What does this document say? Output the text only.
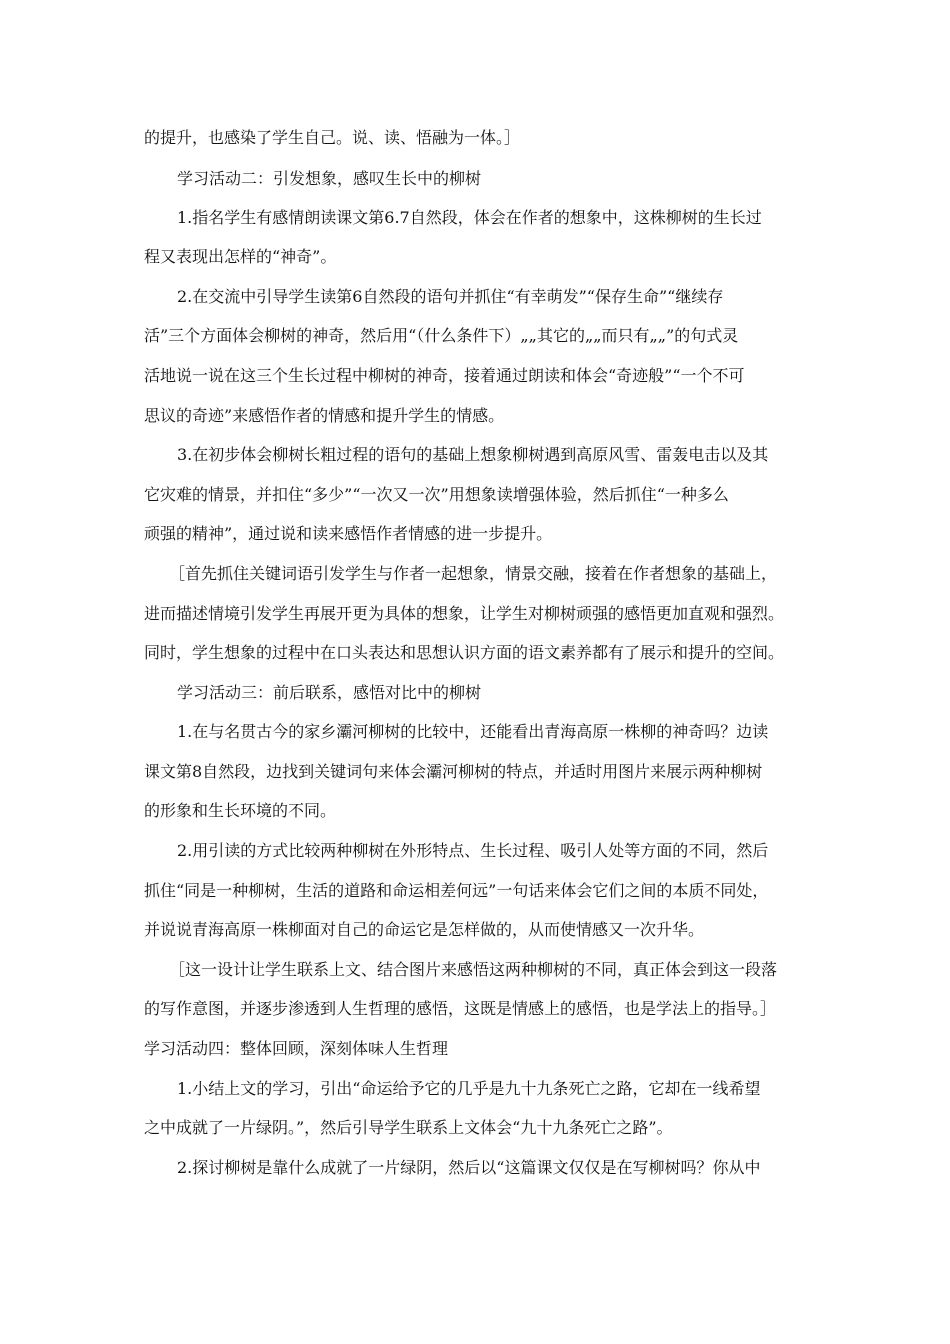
的提升，也感染了学生自己。说、读、悟融为一体。］
学习活动二：引发想象，感叹生长中的柳树
1.指名学生有感情朗读课文第6.7自然段，体会在作者的想象中，这株柳树的生长过
程又表现出怎样的“神奇”。
2.在交流中引导学生读第6自然段的语句并抓住“有幸萌发”“保存生命”“继续存
活”三个方面体会柳树的神奇，然后用“（什么条件下）„„其它的„„而只有„„”的句式灵
活地说一说在这三个生长过程中柳树的神奇，接着通过朗读和体会“奇迹般”“一个不可
思议的奇迹”来感悟作者的情感和提升学生的情感。
3.在初步体会柳树长粗过程的语句的基础上想象柳树遇到高原风雪、雷轰电击以及其
它灾难的情景，并扣住“多少”“一次又一次”用想象读增强体验，然后抓住“一种多么
顽强的精神”，通过说和读来感悟作者情感的进一步提升。
［首先抓住关键词语引发学生与作者一起想象，情景交融，接着在作者想象的基础上，
进而描述情境引发学生再展开更为具体的想象，让学生对柳树顽强的感悟更加直观和强烈。
同时，学生想象的过程中在口头表达和思想认识方面的语文素养都有了展示和提升的空间。
学习活动三：前后联系，感悟对比中的柳树
1.在与名贯古今的家乡灞河柳树的比较中，还能看出青海高原一株柳的神奇吗？边读
课文第8自然段，边找到关键词句来体会灞河柳树的特点，并适时用图片来展示两种柳树
的形象和生长环境的不同。
2.用引读的方式比较两种柳树在外形特点、生长过程、吸引人处等方面的不同，然后
抓住“同是一种柳树，生活的道路和命运相差何远”一句话来体会它们之间的本质不同处，
并说说青海高原一株柳面对自己的命运它是怎样做的，从而使情感又一次升华。
［这一设计让学生联系上文、结合图片来感悟这两种柳树的不同，真正体会到这一段落
的写作意图，并逐步渗透到人生哲理的感悟，这既是情感上的感悟，也是学法上的指导。］
学习活动四：整体回顾，深刻体味人生哲理
1.小结上文的学习，引出“命运给予它的几乎是九十九条死亡之路，它却在一线希望
之中成就了一片绿阴。”，然后引导学生联系上文体会“九十九条死亡之路”。
2.探讨柳树是靠什么成就了一片绿阴，然后以“这篇课文仅仅是在写柳树吗？你从中
